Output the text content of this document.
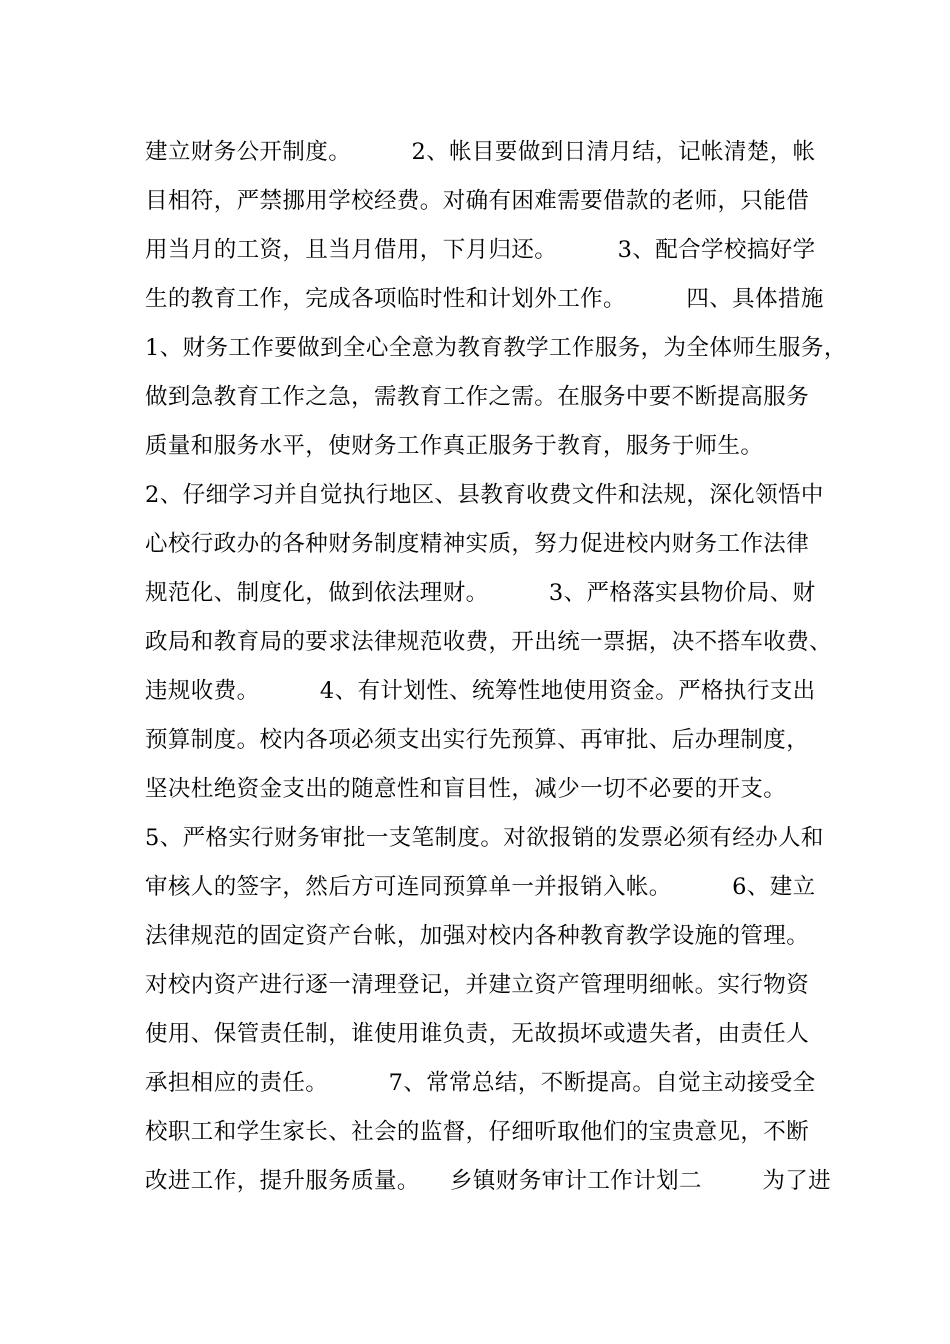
建立财务公开制度。        2、帐目要做到日清月结，记帐清楚，帐
目相符，严禁挪用学校经费。对确有困难需要借款的老师，只能借
用当月的工资，且当月借用，下月归还。        3、配合学校搞好学
生的教育工作，完成各项临时性和计划外工作。        四、具体措施
1、财务工作要做到全心全意为教育教学工作服务，为全体师生服务，
做到急教育工作之急，需教育工作之需。在服务中要不断提高服务
质量和服务水平，使财务工作真正服务于教育，服务于师生。
2、仔细学习并自觉执行地区、县教育收费文件和法规，深化领悟中
心校行政办的各种财务制度精神实质，努力促进校内财务工作法律
规范化、制度化，做到依法理财。        3、严格落实县物价局、财
政局和教育局的要求法律规范收费，开出统一票据，决不搭车收费、
违规收费。        4、有计划性、统筹性地使用资金。严格执行支出
预算制度。校内各项必须支出实行先预算、再审批、后办理制度，
坚决杜绝资金支出的随意性和盲目性，减少一切不必要的开支。
5、严格实行财务审批一支笔制度。对欲报销的发票必须有经办人和
审核人的签字，然后方可连同预算单一并报销入帐。        6、建立
法律规范的固定资产台帐，加强对校内各种教育教学设施的管理。
对校内资产进行逐一清理登记，并建立资产管理明细帐。实行物资
使用、保管责任制，谁使用谁负责，无故损坏或遗失者，由责任人
承担相应的责任。        7、常常总结，不断提高。自觉主动接受全
校职工和学生家长、社会的监督，仔细听取他们的宝贵意见，不断
改进工作，提升服务质量。    乡镇财务审计工作计划二        为了进
